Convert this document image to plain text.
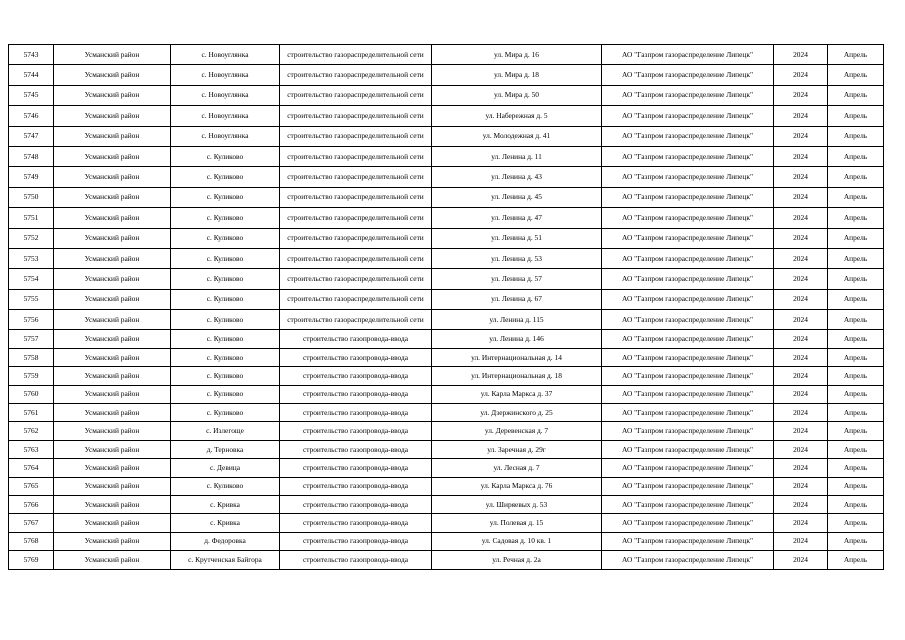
5743	Усманский район	с. Новоуглянка	строительство газораспределительной сети	ул. Мира д. 16	АО "Газпром газораспределение Липецк"	2024	Апрель
5744	Усманский район	с. Новоуглянка	строительство газораспределительной сети	ул. Мира д. 18	АО "Газпром газораспределение Липецк"	2024	Апрель
5745	Усманский район	с. Новоуглянка	строительство газораспределительной сети	ул. Мира д. 50	АО "Газпром газораспределение Липецк"	2024	Апрель
5746	Усманский район	с. Новоуглянка	строительство газораспределительной сети	ул. Набережная д. 5	АО "Газпром газораспределение Липецк"	2024	Апрель
5747	Усманский район	с. Новоуглянка	строительство газораспределительной сети	ул. Молодежная д. 41	АО "Газпром газораспределение Липецк"	2024	Апрель
5748	Усманский район	с. Куликово	строительство газораспределительной сети	ул. Ленина д. 11	АО "Газпром газораспределение Липецк"	2024	Апрель
5749	Усманский район	с. Куликово	строительство газораспределительной сети	ул. Ленина д. 43	АО "Газпром газораспределение Липецк"	2024	Апрель
5750	Усманский район	с. Куликово	строительство газораспределительной сети	ул. Ленина д. 45	АО "Газпром газораспределение Липецк"	2024	Апрель
5751	Усманский район	с. Куликово	строительство газораспределительной сети	ул. Ленина д. 47	АО "Газпром газораспределение Липецк"	2024	Апрель
5752	Усманский район	с. Куликово	строительство газораспределительной сети	ул. Ленина д. 51	АО "Газпром газораспределение Липецк"	2024	Апрель
5753	Усманский район	с. Куликово	строительство газораспределительной сети	ул. Ленина д. 53	АО "Газпром газораспределение Липецк"	2024	Апрель
5754	Усманский район	с. Куликово	строительство газораспределительной сети	ул. Ленина д. 57	АО "Газпром газораспределение Липецк"	2024	Апрель
5755	Усманский район	с. Куликово	строительство газораспределительной сети	ул. Ленина д. 67	АО "Газпром газораспределение Липецк"	2024	Апрель
5756	Усманский район	с. Куликово	строительство газораспределительной сети	ул. Ленина д. 115	АО "Газпром газораспределение Липецк"	2024	Апрель
5757	Усманский район	с. Куликово	строительство газопровода-ввода	ул. Ленина д. 146	АО "Газпром газораспределение Липецк"	2024	Апрель
5758	Усманский район	с. Куликово	строительство газопровода-ввода	ул. Интернациональная д. 14	АО "Газпром газораспределение Липецк"	2024	Апрель
5759	Усманский район	с. Куликово	строительство газопровода-ввода	ул. Интернациональная д. 18	АО "Газпром газораспределение Липецк"	2024	Апрель
5760	Усманский район	с. Куликово	строительство газопровода-ввода	ул. Карла Маркса д. 37	АО "Газпром газораспределение Липецк"	2024	Апрель
5761	Усманский район	с. Куликово	строительство газопровода-ввода	ул. Дзержинского д. 25	АО "Газпром газораспределение Липецк"	2024	Апрель
5762	Усманский район	с. Излегоще	строительство газопровода-ввода	ул. Деревенская д. 7	АО "Газпром газораспределение Липецк"	2024	Апрель
5763	Усманский район	д. Терновка	строительство газопровода-ввода	ул. Заречная д. 29г	АО "Газпром газораспределение Липецк"	2024	Апрель
5764	Усманский район	с. Девица	строительство газопровода-ввода	ул. Лесная д. 7	АО "Газпром газораспределение Липецк"	2024	Апрель
5765	Усманский район	с. Куликово	строительство газопровода-ввода	ул. Карла Маркса д. 76	АО "Газпром газораспределение Липецк"	2024	Апрель
5766	Усманский район	с. Кривка	строительство газопровода-ввода	ул. Ширяевых д. 53	АО "Газпром газораспределение Липецк"	2024	Апрель
5767	Усманский район	с. Кривка	строительство газопровода-ввода	ул. Полевая д. 15	АО "Газпром газораспределение Липецк"	2024	Апрель
5768	Усманский район	д. Федоровка	строительство газопровода-ввода	ул. Садовая д. 10 кв. 1	АО "Газпром газораспределение Липецк"	2024	Апрель
5769	Усманский район	с. Крутченская Байгора	строительство газопровода-ввода	ул. Речная д. 2а	АО "Газпром газораспределение Липецк"	2024	Апрель
